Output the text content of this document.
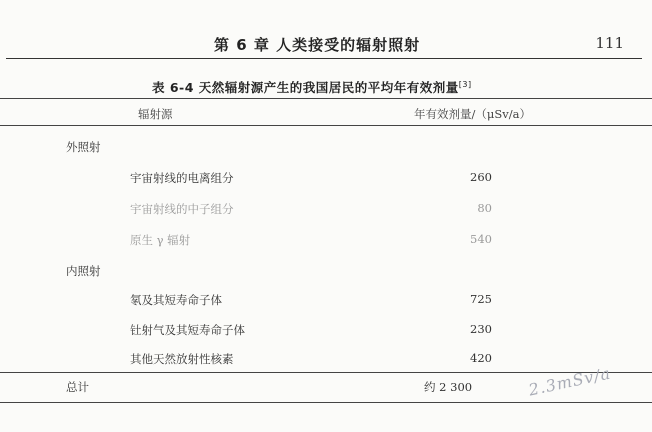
第 6 章 人类接受的辐射照射	111
表 6-4 天然辐射源产生的我国居民的平均年有效剂量[3]
辐射源	年有效剂量/（μSv/a）
外照射
宇宙射线的电离组分	260
宇宙射线的中子组分	80
原生 γ 辐射	540
内照射
氡及其短寿命子体	725
钍射气及其短寿命子体	230
其他天然放射性核素	420
总计	约 2 300	2.3mSv/a
